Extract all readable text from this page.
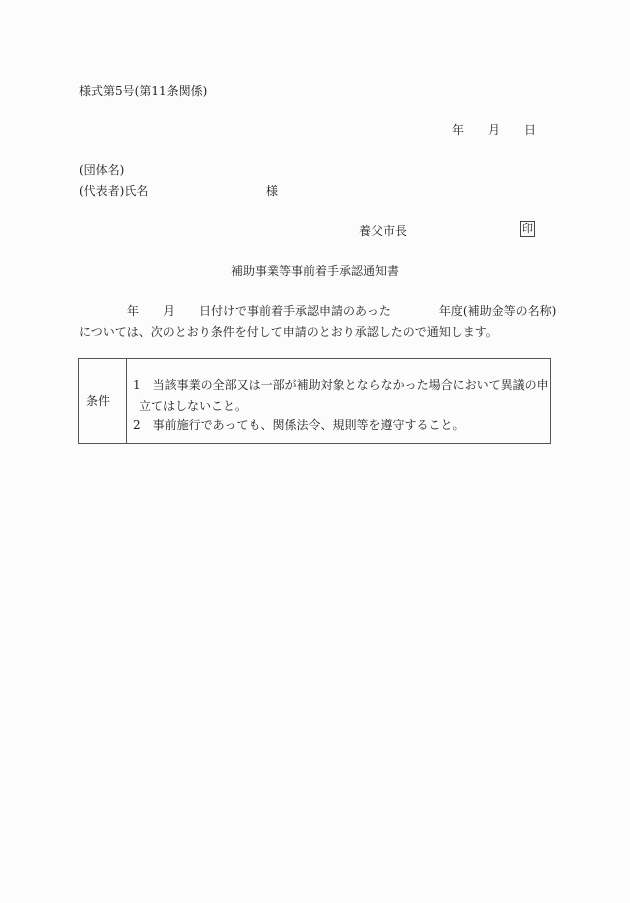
様式第5号(第11条関係)
年 月 日
(団体名)
(代表者)氏名	様
養父市長	印
補助事業等事前着手承認通知書
　　　　年　　月　　日付けで事前着手承認申請のあった　　　　年度(補助金等の名称)
については、次のとおり条件を付して申請のとおり承認したので通知します。
条件
1　当該事業の全部又は一部が補助対象とならなかった場合において異議の申
立てはしないこと。
2　事前施行であっても、関係法令、規則等を遵守すること。
